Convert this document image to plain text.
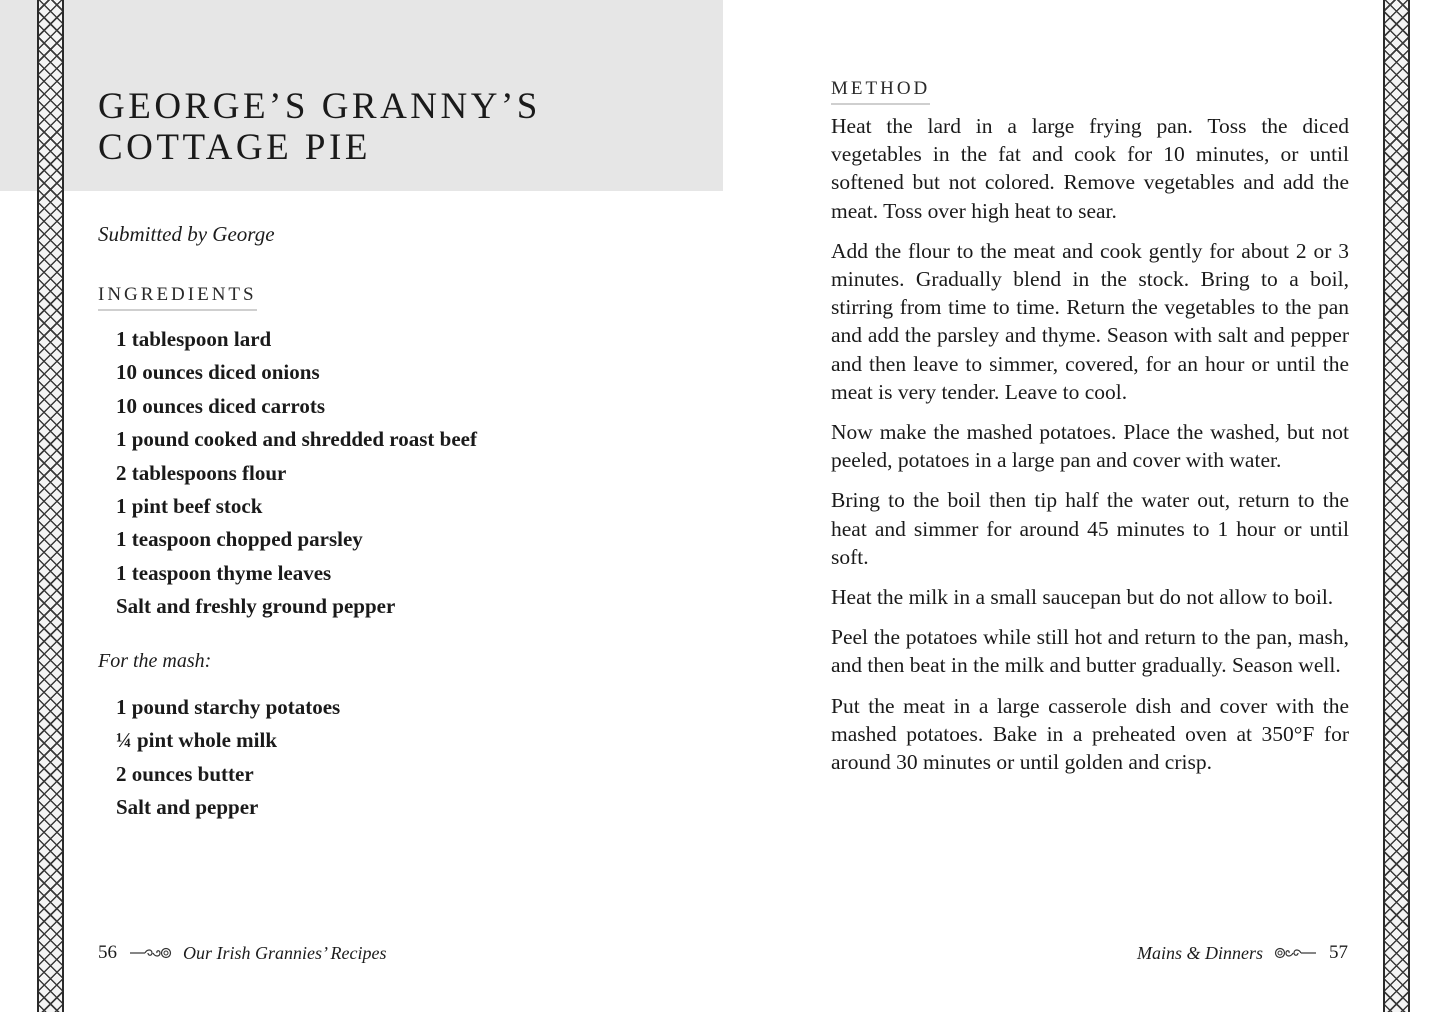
GEORGE’S GRANNY’S
COTTAGE PIE
Submitted by George
INGREDIENTS
1 tablespoon lard
10 ounces diced onions
10 ounces diced carrots
1 pound cooked and shredded roast beef
2 tablespoons flour
1 pint beef stock
1 teaspoon chopped parsley
1 teaspoon thyme leaves
Salt and freshly ground pepper
For the mash:
1 pound starchy potatoes
¼ pint whole milk
2 ounces butter
Salt and pepper
56	Our Irish Grannies’ Recipes
METHOD

Heat the lard in a large frying pan. Toss the diced vegetables in the fat and cook for 10 minutes, or until softened but not colored. Remove vegetables and add the meat. Toss over high heat to sear.

Add the flour to the meat and cook gently for about 2 or 3 minutes. Gradually blend in the stock. Bring to a boil, stirring from time to time. Return the vegetables to the pan and add the parsley and thyme. Season with salt and pepper and then leave to simmer, covered, for an hour or until the meat is very tender. Leave to cool.

Now make the mashed potatoes. Place the washed, but not peeled, potatoes in a large pan and cover with water.

Bring to the boil then tip half the water out, return to the heat and simmer for around 45 minutes to 1 hour or until soft.

Heat the milk in a small saucepan but do not allow to boil.

Peel the potatoes while still hot and return to the pan, mash, and then beat in the milk and butter gradually. Season well.

Put the meat in a large casserole dish and cover with the mashed potatoes. Bake in a preheated oven at 350°F for around 30 minutes or until golden and crisp.

Mains & Dinners	57
